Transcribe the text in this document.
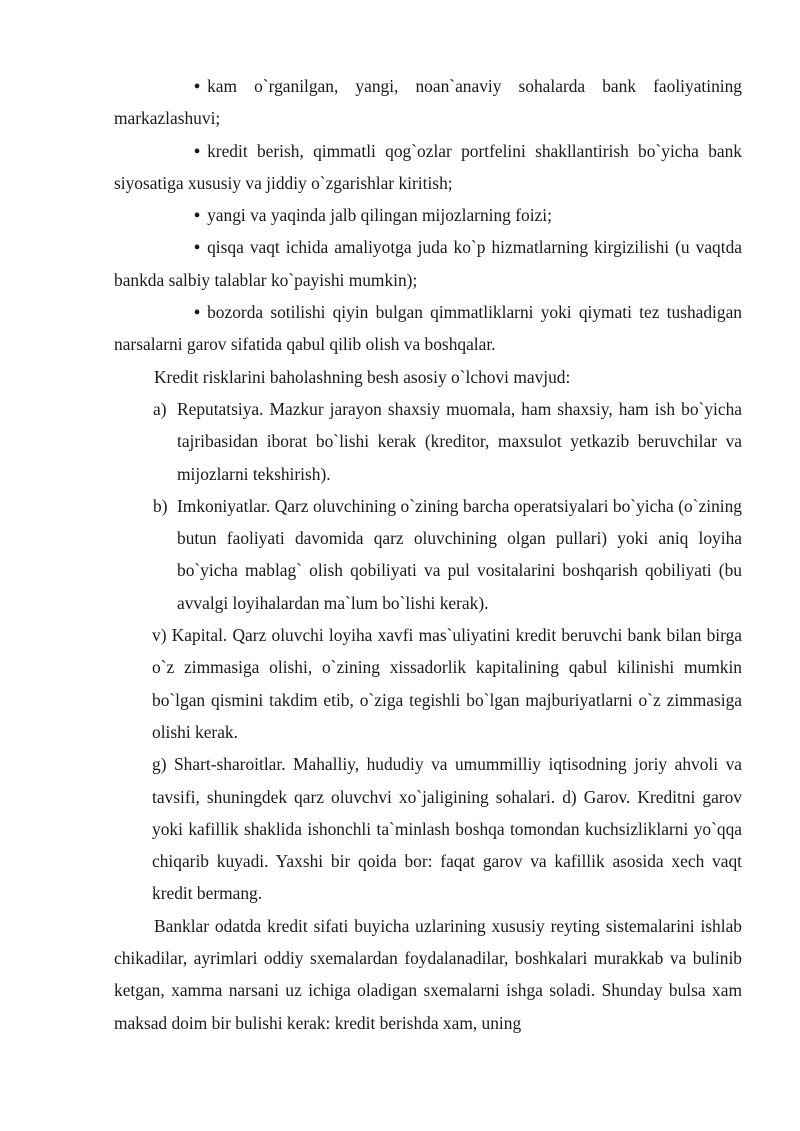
• kam o`rganilgan, yangi, noan`anaviy sohalarda bank faoliyatining markazlashuvi;

• kredit berish, qimmatli qog`ozlar portfelini shakllantirish bo`yicha bank siyosatiga xususiy va jiddiy o`zgarishlar kiritish;

• yangi va yaqinda jalb qilingan mijozlarning foizi;

• qisqa vaqt ichida amaliyotga juda ko`p hizmatlarning kirgizilishi (u vaqtda bankda salbiy talablar ko`payishi mumkin);

• bozorda sotilishi qiyin bulgan qimmatliklarni yoki qiymati tez tushadigan narsalarni garov sifatida qabul qilib olish va boshqalar.

Kredit risklarini baholashning besh asosiy o`lchovi mavjud:

a) Reputatsiya. Mazkur jarayon shaxsiy muomala, ham shaxsiy, ham ish bo`yicha tajribasidan iborat bo`lishi kerak (kreditor, maxsulot yetkazib beruvchilar va mijozlarni tekshirish).

b) Imkoniyatlar. Qarz oluvchining o`zining barcha operatsiyalari bo`yicha (o`zining butun faoliyati davomida qarz oluvchining olgan pullari) yoki aniq loyiha bo`yicha mablag` olish qobiliyati va pul vositalarini boshqarish qobiliyati (bu avvalgi loyihalardan ma`lum bo`lishi kerak).

v) Kapital. Qarz oluvchi loyiha xavfi mas`uliyatini kredit beruvchi bank bilan birga o`z zimmasiga olishi, o`zining xissadorlik kapitalining qabul kilinishi mumkin bo`lgan qismini takdim etib, o`ziga tegishli bo`lgan majburiyatlarni o`z zimmasiga olishi kerak.

g) Shart-sharoitlar. Mahalliy, hududiy va umummilliy iqtisodning joriy ahvoli va tavsifi, shuningdek qarz oluvchvi xo`jaligining sohalari. d) Garov. Kreditni garov yoki kafillik shaklida ishonchli ta`minlash boshqa tomondan kuchsizliklarni yo`qqa chiqarib kuyadi. Yaxshi bir qoida bor: faqat garov va kafillik asosida xech vaqt kredit bermang.

Banklar odatda kredit sifati buyicha uzlarining xususiy reyting sistemalarini ishlab chikadilar, ayrimlari oddiy sxemalardan foydalanadilar, boshkalari murakkab va bulinib ketgan, xamma narsani uz ichiga oladigan sxemalarni ishga soladi. Shunday bulsa xam maksad doim bir bulishi kerak: kredit berishda xam, uning
